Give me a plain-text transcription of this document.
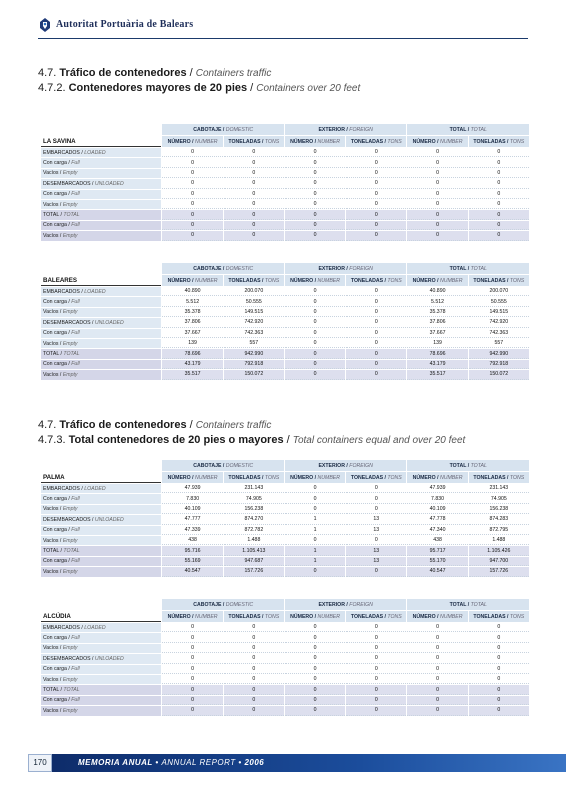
Autoritat Portuària de Balears
4.7. Tráfico de contenedores / Containers traffic
4.7.2. Contenedores mayores de 20 pies / Containers over 20 feet
LA SAVINA	CABOTAJE / DOMESTIC		EXTERIOR / FOREIGN		TOTAL / TOTAL	
	NÚMERO / NUMBER	TONELADAS / TONS	NÚMERO / NUMBER	TONELADAS / TONS	NÚMERO / NUMBER	TONELADAS / TONS
EMBARCADOS / LOADED	0	0	0	0	0	0
Con carga / Full	0	0	0	0	0	0
Vacíos / Empty	0	0	0	0	0	0
DESEMBARCADOS / UNLOADED	0	0	0	0	0	0
Con carga / Full	0	0	0	0	0	0
Vacíos / Empty	0	0	0	0	0	0
TOTAL / TOTAL	0	0	0	0	0	0
Con carga / Full	0	0	0	0	0	0
Vacíos / Empty	0	0	0	0	0	0
BALEARES	CABOTAJE / DOMESTIC		EXTERIOR / FOREIGN		TOTAL / TOTAL	
	NÚMERO / NUMBER	TONELADAS / TONS	NÚMERO / NUMBER	TONELADAS / TONS	NÚMERO / NUMBER	TONELADAS / TONS
EMBARCADOS / LOADED	40.890	200.070	0	0	40.890	200.070
Con carga / Full	5.512	50.555	0	0	5.512	50.555
Vacíos / Empty	35.378	149.515	0	0	35.378	149.515
DESEMBARCADOS / UNLOADED	37.806	742.920	0	0	37.806	742.920
Con carga / Full	37.667	742.363	0	0	37.667	742.363
Vacíos / Empty	139	557	0	0	139	557
TOTAL / TOTAL	78.696	942.990	0	0	78.696	942.990
Con carga / Full	43.179	792.918	0	0	43.179	792.918
Vacíos / Empty	35.517	150.072	0	0	35.517	150.072
4.7. Tráfico de contenedores / Containers traffic
4.7.3. Total contenedores de 20 pies o mayores / Total containers equal and over 20 feet
PALMA	CABOTAJE / DOMESTIC		EXTERIOR / FOREIGN		TOTAL / TOTAL	
	NÚMERO / NUMBER	TONELADAS / TONS	NÚMERO / NUMBER	TONELADAS / TONS	NÚMERO / NUMBER	TONELADAS / TONS
EMBARCADOS / LOADED	47.939	231.143	0	0	47.939	231.143
Con carga / Full	7.830	74.905	0	0	7.830	74.905
Vacíos / Empty	40.109	156.238	0	0	40.109	156.238
DESEMBARCADOS / UNLOADED	47.777	874.270	1	13	47.778	874.283
Con carga / Full	47.339	872.782	1	13	47.340	872.795
Vacíos / Empty	438	1.488	0	0	438	1.488
TOTAL / TOTAL	95.716	1.105.413	1	13	95.717	1.105.426
Con carga / Full	55.169	947.687	1	13	55.170	947.700
Vacíos / Empty	40.547	157.726	0	0	40.547	157.726
ALCÚDIA	CABOTAJE / DOMESTIC		EXTERIOR / FOREIGN		TOTAL / TOTAL	
	NÚMERO / NUMBER	TONELADAS / TONS	NÚMERO / NUMBER	TONELADAS / TONS	NÚMERO / NUMBER	TONELADAS / TONS
EMBARCADOS / LOADED	0	0	0	0	0	0
Con carga / Full	0	0	0	0	0	0
Vacíos / Empty	0	0	0	0	0	0
DESEMBARCADOS / UNLOADED	0	0	0	0	0	0
Con carga / Full	0	0	0	0	0	0
Vacíos / Empty	0	0	0	0	0	0
TOTAL / TOTAL	0	0	0	0	0	0
Con carga / Full	0	0	0	0	0	0
Vacíos / Empty	0	0	0	0	0	0
170	MEMORIA ANUAL • ANNUAL REPORT • 2006
